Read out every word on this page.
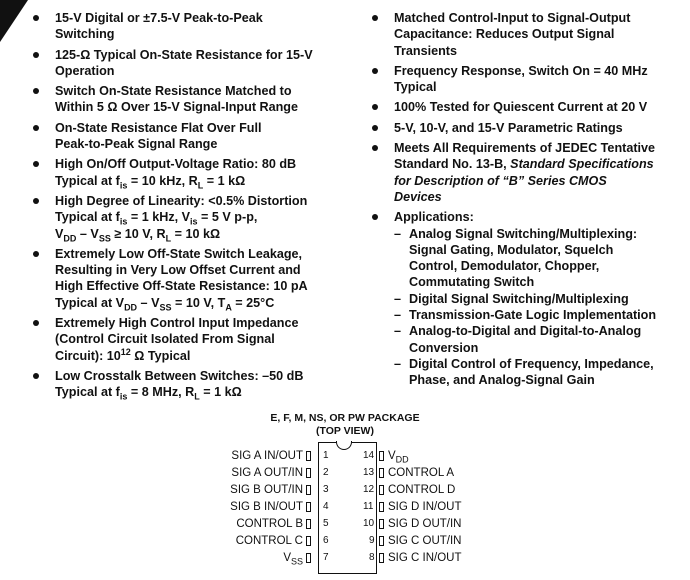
15-V Digital or ±7.5-V Peak-to-Peak
Switching
125-Ω Typical On-State Resistance for 15-V
Operation
Switch On-State Resistance Matched to
Within 5 Ω Over 15-V Signal-Input Range
On-State Resistance Flat Over Full
Peak-to-Peak Signal Range
High On/Off Output-Voltage Ratio: 80 dB
Typical at $f_{is} = 10$ kHz, $R_L = 1$ kΩ
High Degree of Linearity: <0.5% Distortion
Typical at $f_{is} = 1$ kHz, $V_{is} = 5$ V p-p,
$V_{DD} - V_{SS} \ge 10$ V, $R_L = 10$ kΩ
Extremely Low Off-State Switch Leakage,
Resulting in Very Low Offset Current and
High Effective Off-State Resistance: 10 pA
Typical at $V_{DD} - V_{SS} = 10$ V, $T_A = 25^\circ C$
Extremely High Control Input Impedance
(Control Circuit Isolated From Signal
Circuit): $10^{12}$ Ω Typical
Low Crosstalk Between Switches: –50 dB
Typical at $f_{is} = 8$ MHz, $R_L = 1$ kΩ
Matched Control-Input to Signal-Output
Capacitance: Reduces Output Signal
Transients
Frequency Response, Switch On = 40 MHz
Typical
100% Tested for Quiescent Current at 20 V
5-V, 10-V, and 15-V Parametric Ratings
Meets All Requirements of JEDEC Tentative
Standard No. 13-B, Standard Specifications
for Description of “B” Series CMOS
Devices
Applications:
– Analog Signal Switching/Multiplexing:
Signal Gating, Modulator, Squelch
Control, Demodulator, Chopper,
Commutating Switch
– Digital Signal Switching/Multiplexing
– Transmission-Gate Logic Implementation
– Analog-to-Digital and Digital-to-Analog
Conversion
– Digital Control of Frequency, Impedance,
Phase, and Analog-Signal Gain
E, F, M, NS, OR PW PACKAGE
(TOP VIEW)
SIG A IN/OUT 1
SIG A OUT/IN 2
SIG B OUT/IN 3
SIG B IN/OUT 4
CONTROL B 5
CONTROL C 6
$V_{SS}$ 7
$V_{DD}$
14
CONTROL A
13
CONTROL D
12
SIG D IN/OUT
11
SIG D OUT/IN
10
SIG C OUT/IN
9
SIG C IN/OUT
8
